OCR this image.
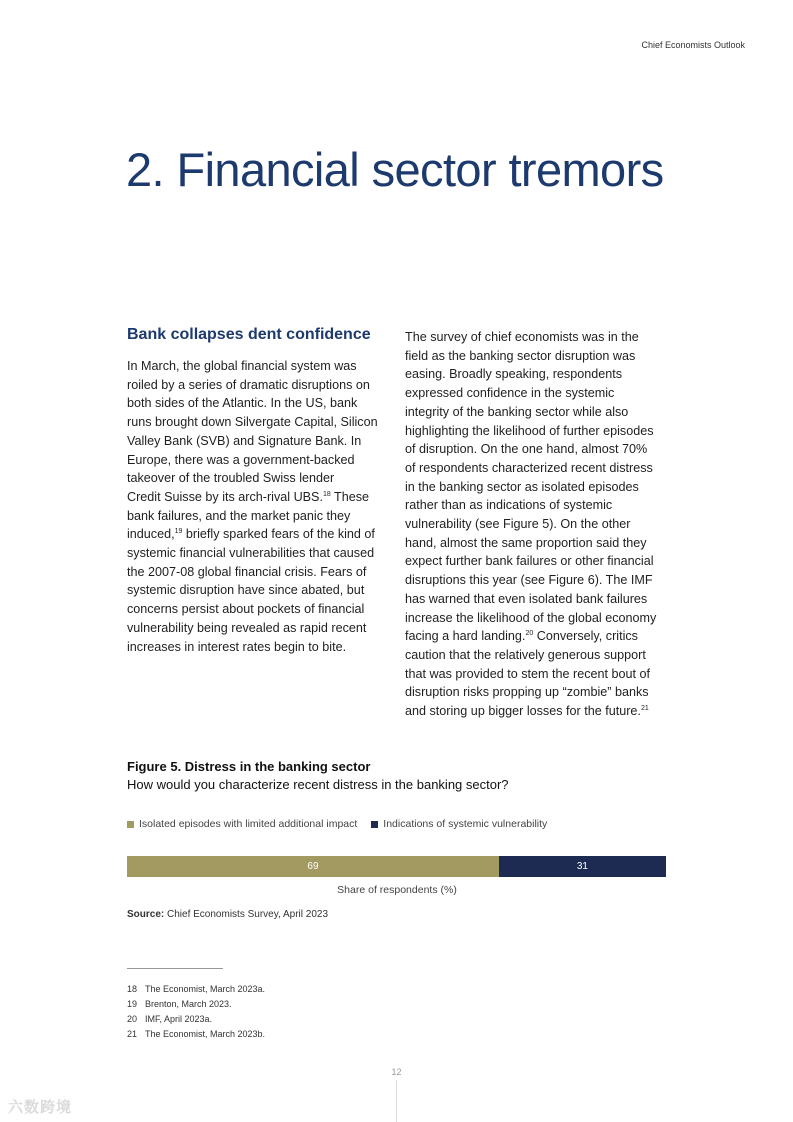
Chief Economists Outlook
2. Financial sector tremors
Bank collapses dent confidence

In March, the global financial system was
roiled by a series of dramatic disruptions on
both sides of the Atlantic. In the US, bank
runs brought down Silvergate Capital, Silicon
Valley Bank (SVB) and Signature Bank. In
Europe, there was a government-backed
takeover of the troubled Swiss lender
Credit Suisse by its arch-rival UBS.$^{18}$ These
bank failures, and the market panic they
induced,$^{19}$ briefly sparked fears of the kind of
systemic financial vulnerabilities that caused
the 2007-08 global financial crisis. Fears of
systemic disruption have since abated, but
concerns persist about pockets of financial
vulnerability being revealed as rapid recent
increases in interest rates begin to bite.

The survey of chief economists was in the
field as the banking sector disruption was
easing. Broadly speaking, respondents
expressed confidence in the systemic
integrity of the banking sector while also
highlighting the likelihood of further episodes
of disruption. On the one hand, almost 70%
of respondents characterized recent distress
in the banking sector as isolated episodes
rather than as indications of systemic
vulnerability (see Figure 5). On the other
hand, almost the same proportion said they
expect further bank failures or other financial
disruptions this year (see Figure 6). The IMF
has warned that even isolated bank failures
increase the likelihood of the global economy
facing a hard landing.$^{20}$ Conversely, critics
caution that the relatively generous support
that was provided to stem the recent bout of
disruption risks propping up “zombie” banks
and storing up bigger losses for the future.$^{21}$

Figure 5. Distress in the banking sector
How would you characterize recent distress in the banking sector?
Isolated episodes with limited additional impact Indications of systemic vulnerability
69	31
Share of respondents (%)
Source: Chief Economists Survey, April 2023
18 The Economist, March 2023a.
19 Brenton, March 2023.
20 IMF, April 2023a.
21 The Economist, March 2023b.
12
六数跨境
